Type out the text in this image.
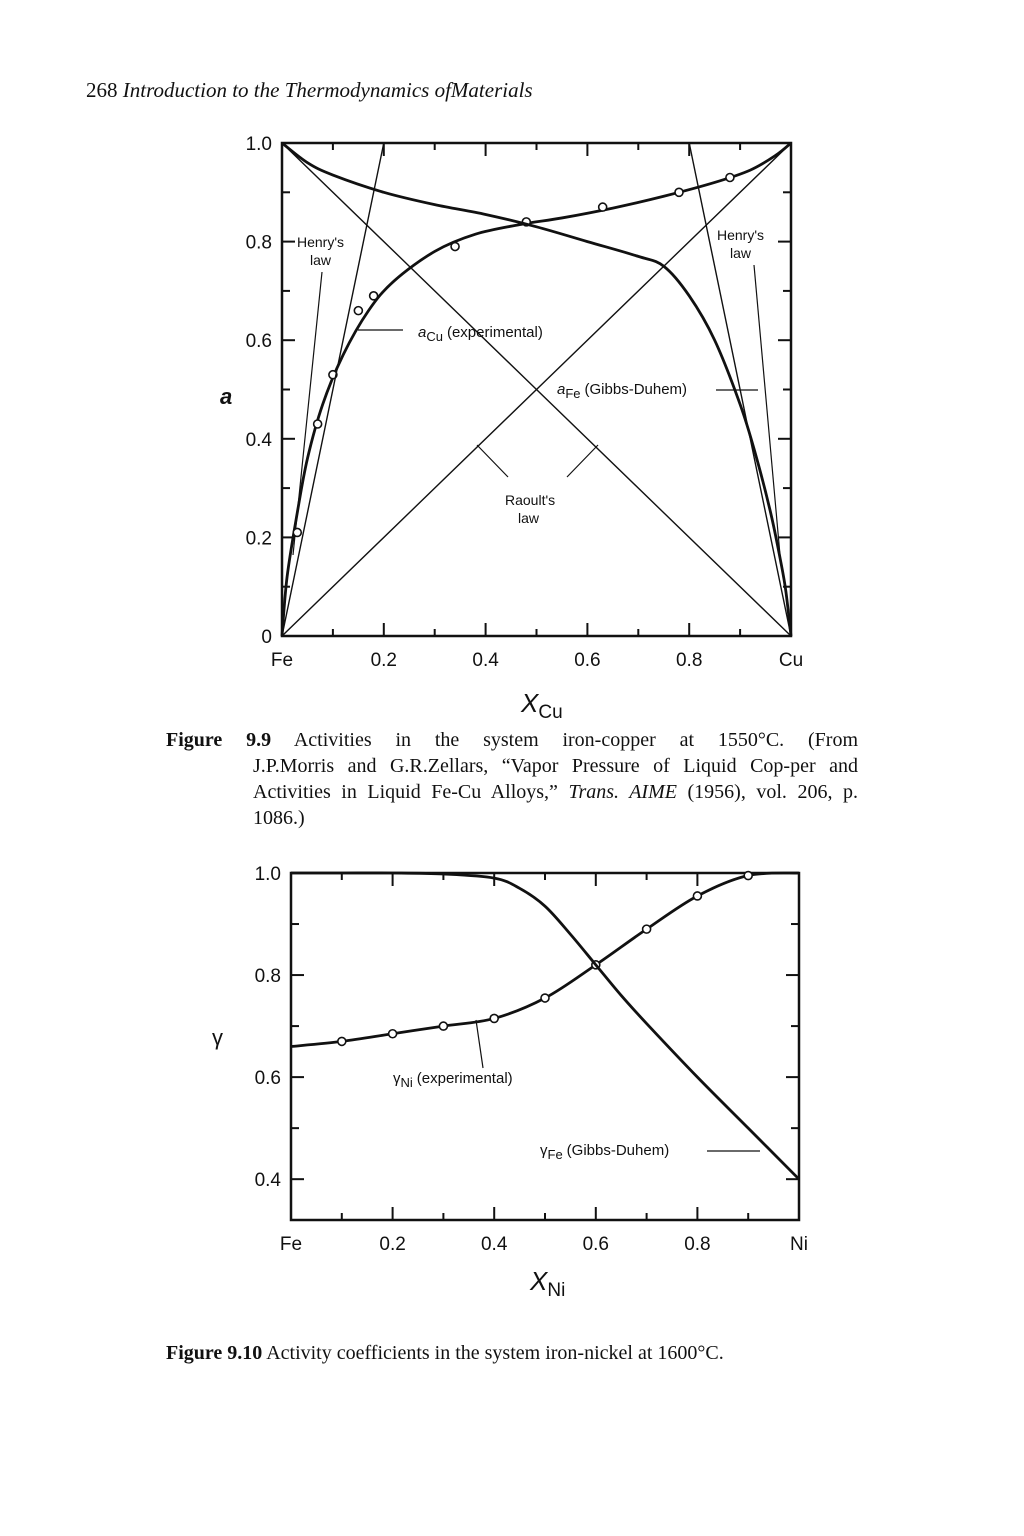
268 Introduction to the Thermodynamics ofMaterials
a
$X_{Cu}$
Fe	0.2	0.4	0.6	0.8	Cu
0
0.2
0.4
0.6
0.8
1.0
Henry's
law
Henry's
law
aCu (experimental)
aFe (Gibbs-Duhem)
Raoult's
law
γ
$X_{Ni}$
Fe	0.2	0.4	0.6	0.8	Ni
0.4
0.6
0.8
1.0
γNi (experimental)
γFe (Gibbs-Duhem)
Figure 9.9 Activities in the system iron-copper at 1550°C. (From
J.P.Morris and G.R.Zellars, “Vapor Pressure of Liquid Cop-per and Activities in Liquid Fe-Cu Alloys,” Trans. AIME (1956), vol. 206, p. 1086.)
Figure 9.10 Activity coefficients in the system iron-nickel at 1600°C.
